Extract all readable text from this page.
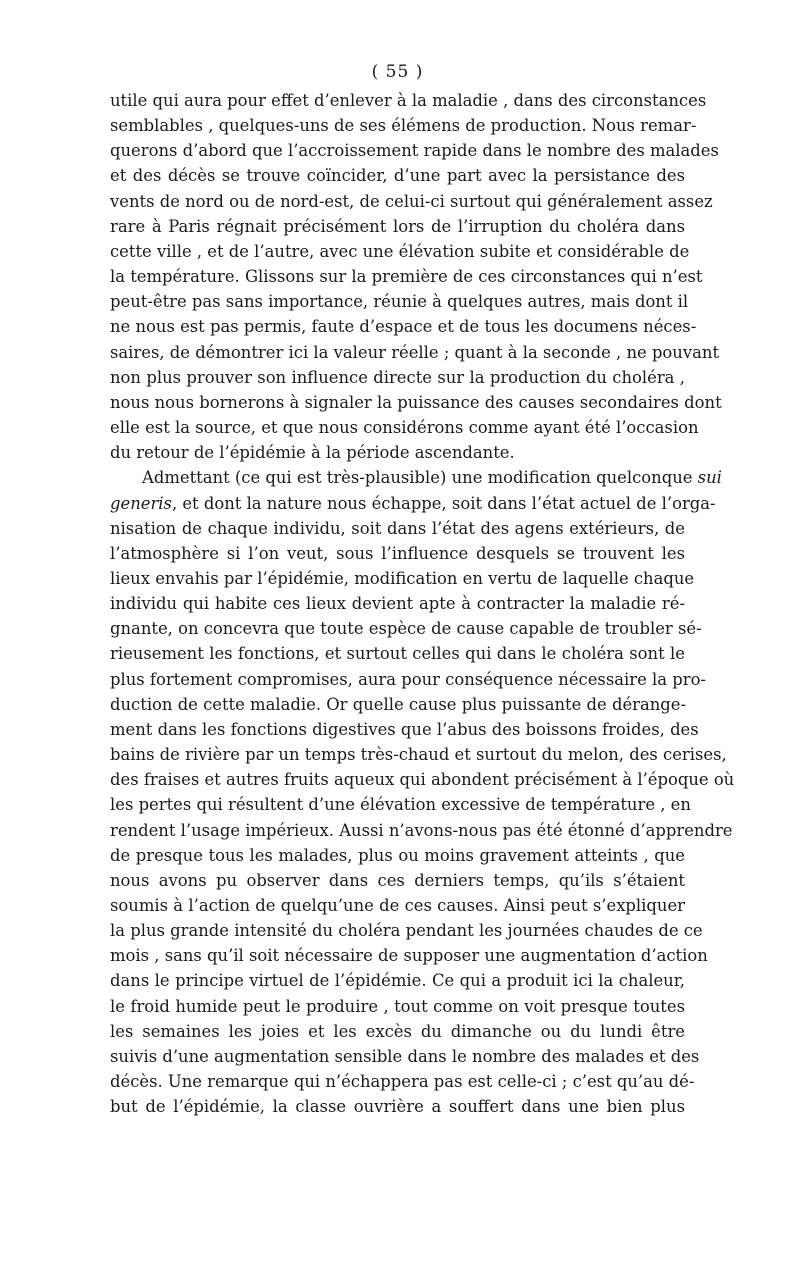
( 55 )
utile qui aura pour effet d’enlever à la maladie , dans des circonstances
semblables , quelques-uns de ses élémens de production. Nous remar-
querons d’abord que l’accroissement rapide dans le nombre des malades
et des décès se trouve coïncider, d’une part avec la persistance des
vents de nord ou de nord-est, de celui-ci surtout qui généralement assez
rare à Paris régnait précisément lors de l’irruption du choléra dans
cette ville , et de l’autre, avec une élévation subite et considérable de
la température. Glissons sur la première de ces circonstances qui n’est
peut-être pas sans importance, réunie à quelques autres, mais dont il
ne nous est pas permis, faute d’espace et de tous les documens néces-
saires, de démontrer ici la valeur réelle ; quant à la seconde , ne pouvant
non plus prouver son influence directe sur la production du choléra ,
nous nous bornerons à signaler la puissance des causes secondaires dont
elle est la source, et que nous considérons comme ayant été l’occasion
du retour de l’épidémie à la période ascendante.
Admettant (ce qui est très-plausible) une modification quelconque sui
generis, et dont la nature nous échappe, soit dans l’état actuel de l’orga-
nisation de chaque individu, soit dans l’état des agens extérieurs, de
l’atmosphère si l’on veut, sous l’influence desquels se trouvent les
lieux envahis par l’épidémie, modification en vertu de laquelle chaque
individu qui habite ces lieux devient apte à contracter la maladie ré-
gnante, on concevra que toute espèce de cause capable de troubler sé-
rieusement les fonctions, et surtout celles qui dans le choléra sont le
plus fortement compromises, aura pour conséquence nécessaire la pro-
duction de cette maladie. Or quelle cause plus puissante de dérange-
ment dans les fonctions digestives que l’abus des boissons froides, des
bains de rivière par un temps très-chaud et surtout du melon, des cerises,
des fraises et autres fruits aqueux qui abondent précisément à l’époque où
les pertes qui résultent d’une élévation excessive de température , en
rendent l’usage impérieux. Aussi n’avons-nous pas été étonné d’apprendre
de presque tous les malades, plus ou moins gravement atteints , que
nous avons pu observer dans ces derniers temps, qu’ils s’étaient
soumis à l’action de quelqu’une de ces causes. Ainsi peut s’expliquer
la plus grande intensité du choléra pendant les journées chaudes de ce
mois , sans qu’il soit nécessaire de supposer une augmentation d’action
dans le principe virtuel de l’épidémie. Ce qui a produit ici la chaleur,
le froid humide peut le produire , tout comme on voit presque toutes
les semaines les joies et les excès du dimanche ou du lundi être
suivis d’une augmentation sensible dans le nombre des malades et des
décès. Une remarque qui n’échappera pas est celle-ci ; c’est qu’au dé-
but de l’épidémie, la classe ouvrière a souffert dans une bien plus
